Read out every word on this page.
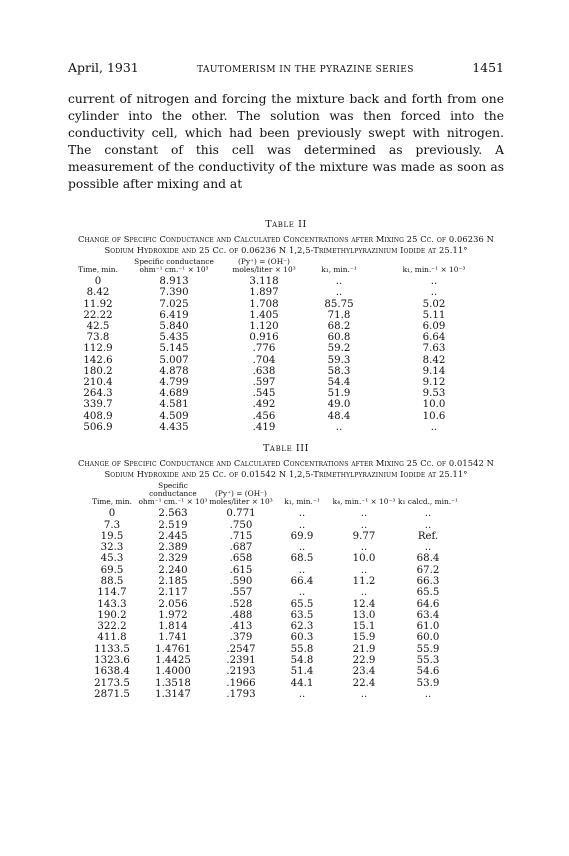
April, 1931	TAUTOMERISM IN THE PYRAZINE SERIES	1451

current of nitrogen and forcing the mixture back and forth from one cylinder into the other. The solution was then forced into the conductivity cell, which had been previously swept with nitrogen. The constant of this cell was determined as previously. A measurement of the conductivity of the mixture was made as soon as possible after mixing and at

Table II
Change of Specific Conductance and Calculated Concentrations after Mixing 25 Cc. of 0.06236 N Sodium Hydroxide and 25 Cc. of 0.06236 N 1,2,5-Trimethylpyrazinium Iodide at 25.11°
Time, min.	Specific conductance ohm⁻¹ cm.⁻¹ × 10³	(Py⁺) = (OH⁻) moles/liter × 10³	k₁, min.⁻¹	k₁, min.⁻¹ × 10⁻³
0	8.913	3.118	..	..
8.42	7.390	1.897	..	..
11.92	7.025	1.708	85.75	5.02
22.22	6.419	1.405	71.8	5.11
42.5	5.840	1.120	68.2	6.09
73.8	5.435	0.916	60.8	6.64
112.9	5.145	.776	59.2	7.63
142.6	5.007	.704	59.3	8.42
180.2	4.878	.638	58.3	9.14
210.4	4.799	.597	54.4	9.12
264.3	4.689	.545	51.9	9.53
339.7	4.581	.492	49.0	10.0
408.9	4.509	.456	48.4	10.6
506.9	4.435	.419	..	..
Table III
Change of Specific Conductance and Calculated Concentrations after Mixing 25 Cc. of 0.01542 N Sodium Hydroxide and 25 Cc. of 0.01542 N 1,2,5-Trimethylpyrazinium Iodide at 25.11°
Time, min.	Specific conductance ohm⁻¹ cm.⁻¹ × 10³	(Py⁺) = (OH⁻) moles/liter × 10³	k₁, min.⁻¹	k₄, min.⁻¹ × 10⁻³	k₁ calcd., min.⁻¹
0	2.563	0.771	..	..	..
7.3	2.519	.750	..	..	..
19.5	2.445	.715	69.9	9.77	Ref.
32.3	2.389	.687	..	..	..
45.3	2.329	.658	68.5	10.0	68.4
69.5	2.240	.615	..	..	67.2
88.5	2.185	.590	66.4	11.2	66.3
114.7	2.117	.557	..	..	65.5
143.3	2.056	.528	65.5	12.4	64.6
190.2	1.972	.488	63.5	13.0	63.4
322.2	1.814	.413	62.3	15.1	61.0
411.8	1.741	.379	60.3	15.9	60.0
1133.5	1.4761	.2547	55.8	21.9	55.9
1323.6	1.4425	.2391	54.8	22.9	55.3
1638.4	1.4000	.2193	51.4	23.4	54.6
2173.5	1.3518	.1966	44.1	22.4	53.9
2871.5	1.3147	.1793	..	..	..
